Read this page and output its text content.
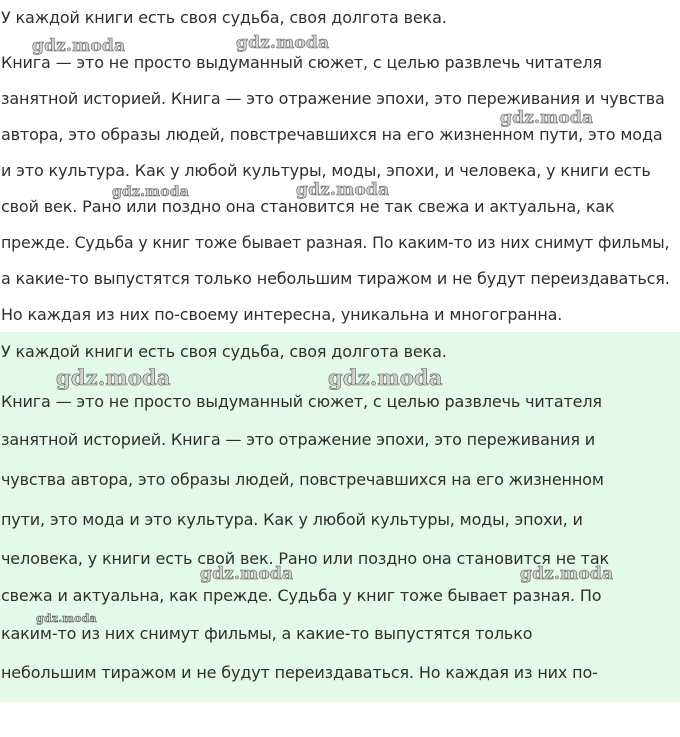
У каждой книги есть своя судьба, своя долгота века.
Книга — это не просто выдуманный сюжет, с целью развлечь читателя
занятной историей. Книга — это отражение эпохи, это переживания и чувства
автора, это образы людей, повстречавшихся на его жизненном пути, это мода
и это культура. Как у любой культуры, моды, эпохи, и человека, у книги есть
свой век. Рано или поздно она становится не так свежа и актуальна, как
прежде. Судьба у книг тоже бывает разная. По каким-то из них снимут фильмы,
а какие-то выпустятся только небольшим тиражом и не будут переиздаваться.
Но каждая из них по-своему интересна, уникальна и многогранна.
У каждой книги есть своя судьба, своя долгота века.
Книга — это не просто выдуманный сюжет, с целью развлечь читателя
занятной историей. Книга — это отражение эпохи, это переживания и
чувства автора, это образы людей, повстречавшихся на его жизненном
пути, это мода и это культура. Как у любой культуры, моды, эпохи, и
человека, у книги есть свой век. Рано или поздно она становится не так
свежа и актуальна, как прежде. Судьба у книг тоже бывает разная. По
каким-то из них снимут фильмы, а какие-то выпустятся только
небольшим тиражом и не будут переиздаваться. Но каждая из них по-
gdz.moda	gdz.moda
gdz.moda
gdz.moda	gdz.moda
gdz.moda	gdz.moda
gdz.moda	gdz.moda
gdz.moda
